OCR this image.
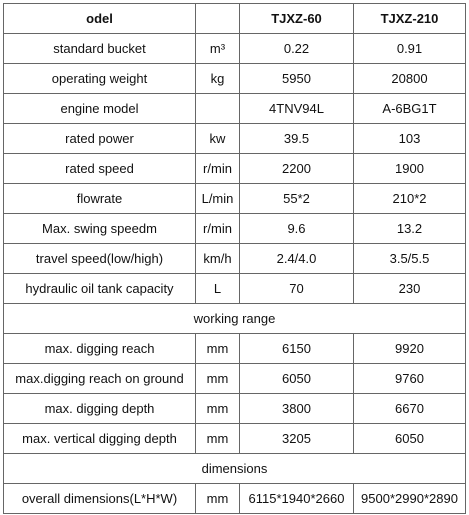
odel		TJXZ-60	TJXZ-210
standard bucket	m³	0.22	0.91
operating weight	kg	5950	20800
engine model		4TNV94L	A-6BG1T
rated power	kw	39.5	103
rated speed	r/min	2200	1900
flowrate	L/min	55*2	210*2
Max. swing speedm	r/min	9.6	13.2
travel speed(low/high)	km/h	2.4/4.0	3.5/5.5
hydraulic oil tank capacity	L	70	230
working range			
max. digging reach	mm	6150	9920
max.digging reach on ground	mm	6050	9760
max. digging depth	mm	3800	6670
max. vertical digging depth	mm	3205	6050
dimensions			
overall dimensions(L*H*W)	mm	6115*1940*2660	9500*2990*2890
